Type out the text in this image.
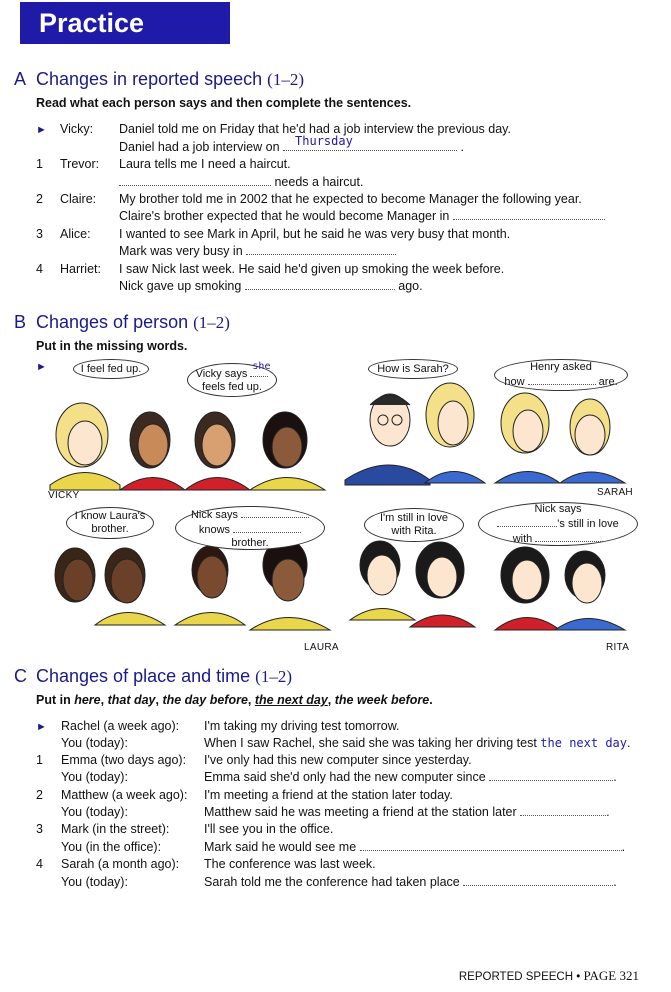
Practice
A Changes in reported speech (1–2)
Read what each person says and then complete the sentences.
► Vicky: Daniel told me on Friday that he'd had a job interview the previous day.
Daniel had a job interview on Thursday	.
1 Trevor: Laura tells me I need a haircut.
needs a haircut.
2 Claire: My brother told me in 2002 that he expected to become Manager the following year.
Claire's brother expected that he would become Manager in
3 Alice: I wanted to see Mark in April, but he said he was very busy that month.
Mark was very busy in
4 Harriet: I saw Nick last week. He said he'd given up smoking the week before.
Nick gave up smoking	ago.
B Changes of person (1–2)
Put in the missing words.
►	I feel fed up.	Vicky says
she
feels fed up.
How is Sarah?	Henry asked
how	are.
VICKY	SARAH
I know Laura's
brother.
Nick says
knows
brother.
I'm still in love
with Rita.
Nick says
's still in love
with
LAURA	RITA
C Changes of place and time (1–2)
Put in here, that day, the day before, the next day, the week before.
► Rachel (a week ago): I'm taking my driving test tomorrow.
You (today):	When I saw Rachel, she said she was taking her driving test the next day.
1 Emma (two days ago): I've only had this new computer since yesterday.
You (today):	Emma said she'd only had the new computer since	.
2 Matthew (a week ago): I'm meeting a friend at the station later today.
You (today):	Matthew said he was meeting a friend at the station later	.
3 Mark (in the street):	I'll see you in the office.
You (in the office):	Mark said he would see me	.
4 Sarah (a month ago): The conference was last week.
You (today):	Sarah told me the conference had taken place	.
REPORTED SPEECH • PAGE 321
